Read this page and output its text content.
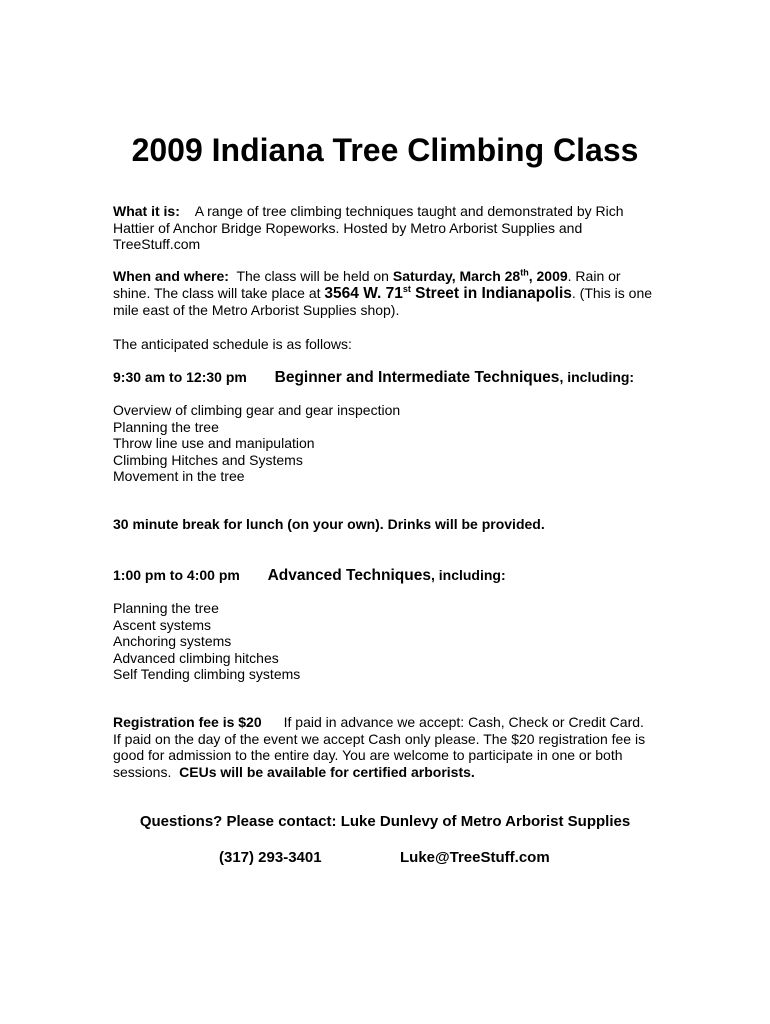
2009 Indiana Tree Climbing Class
What it is: A range of tree climbing techniques taught and demonstrated by Rich Hattier of Anchor Bridge Ropeworks. Hosted by Metro Arborist Supplies and TreeStuff.com
When and where: The class will be held on Saturday, March 28th, 2009. Rain or shine. The class will take place at 3564 W. 71st Street in Indianapolis. (This is one mile east of the Metro Arborist Supplies shop).
The anticipated schedule is as follows:
9:30 am to 12:30 pm Beginner and Intermediate Techniques, including:
Overview of climbing gear and gear inspection
Planning the tree
Throw line use and manipulation
Climbing Hitches and Systems
Movement in the tree
30 minute break for lunch (on your own). Drinks will be provided.
1:00 pm to 4:00 pm Advanced Techniques, including:
Planning the tree
Ascent systems
Anchoring systems
Advanced climbing hitches
Self Tending climbing systems
Registration fee is $20 If paid in advance we accept: Cash, Check or Credit Card. If paid on the day of the event we accept Cash only please. The $20 registration fee is good for admission to the entire day. You are welcome to participate in one or both sessions. CEUs will be available for certified arborists.
Questions? Please contact: Luke Dunlevy of Metro Arborist Supplies
(317) 293-3401	Luke@TreeStuff.com
